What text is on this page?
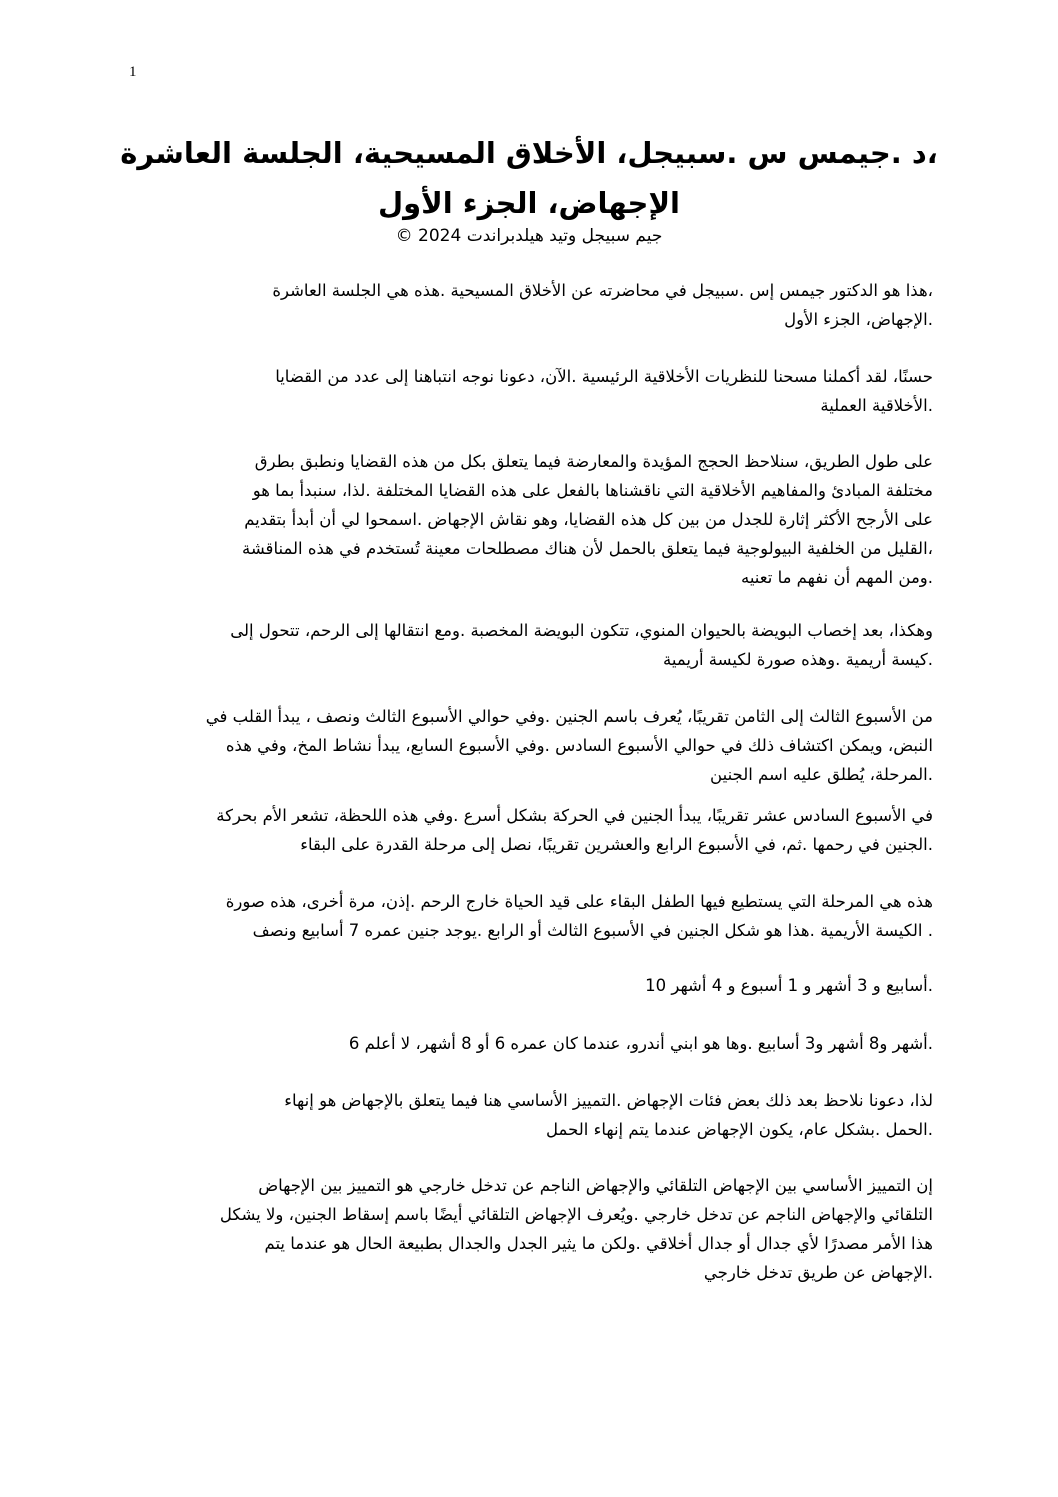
1
،د .جيمس س .سبيجل، الأخلاق المسيحية، الجلسة العاشرة
الإجهاض، الجزء الأول
جيم سبيجل وتيد هيلدبراندت 2024 ©

،هذا هو الدكتور جيمس إس .سبيجل في محاضرته عن الأخلاق المسيحية .هذه هي الجلسة العاشرة
.الإجهاض، الجزء الأول

حسنًا، لقد أكملنا مسحنا للنظريات الأخلاقية الرئيسية .الآن، دعونا نوجه انتباهنا إلى عدد من القضايا
.الأخلاقية العملية

على طول الطريق، سنلاحظ الحجج المؤيدة والمعارضة فيما يتعلق بكل من هذه القضايا ونطبق بطرق
مختلفة المبادئ والمفاهيم الأخلاقية التي ناقشناها بالفعل على هذه القضايا المختلفة .لذا، سنبدأ بما هو
على الأرجح الأكثر إثارة للجدل من بين كل هذه القضايا، وهو نقاش الإجهاض .اسمحوا لي أن أبدأ بتقديم
،القليل من الخلفية البيولوجية فيما يتعلق بالحمل لأن هناك مصطلحات معينة تُستخدم في هذه المناقشة
.ومن المهم أن نفهم ما تعنيه

وهكذا، بعد إخصاب البويضة بالحيوان المنوي، تتكون البويضة المخصبة .ومع انتقالها إلى الرحم، تتحول إلى
.كيسة أريمية .وهذه صورة لكيسة أريمية

من الأسبوع الثالث إلى الثامن تقريبًا، يُعرف باسم الجنين .وفي حوالي الأسبوع الثالث ونصف ، يبدأ القلب في
النبض، ويمكن اكتشاف ذلك في حوالي الأسبوع السادس .وفي الأسبوع السابع، يبدأ نشاط المخ، وفي هذه
.المرحلة، يُطلق عليه اسم الجنين

في الأسبوع السادس عشر تقريبًا، يبدأ الجنين في الحركة بشكل أسرع .وفي هذه اللحظة، تشعر الأم بحركة
.الجنين في رحمها .ثم، في الأسبوع الرابع والعشرين تقريبًا، نصل إلى مرحلة القدرة على البقاء

هذه هي المرحلة التي يستطيع فيها الطفل البقاء على قيد الحياة خارج الرحم .إذن، مرة أخرى، هذه صورة
. الكيسة الأريمية .هذا هو شكل الجنين في الأسبوع الثالث أو الرابع .يوجد جنين عمره 7 أسابيع ونصف

.أسابيع و 3 أشهر و 1 أسبوع و 4 أشهر 10

.أشهر و8 أشهر و3 أسابيع .وها هو ابني أندرو، عندما كان عمره 6 أو 8 أشهر، لا أعلم 6

لذا، دعونا نلاحظ بعد ذلك بعض فئات الإجهاض .التمييز الأساسي هنا فيما يتعلق بالإجهاض هو إنهاء
.الحمل .بشكل عام، يكون الإجهاض عندما يتم إنهاء الحمل

إن التمييز الأساسي بين الإجهاض التلقائي والإجهاض الناجم عن تدخل خارجي هو التمييز بين الإجهاض
التلقائي والإجهاض الناجم عن تدخل خارجي .ويُعرف الإجهاض التلقائي أيضًا باسم إسقاط الجنين، ولا يشكل
هذا الأمر مصدرًا لأي جدال أو جدال أخلاقي .ولكن ما يثير الجدل والجدال بطبيعة الحال هو عندما يتم
.الإجهاض عن طريق تدخل خارجي
